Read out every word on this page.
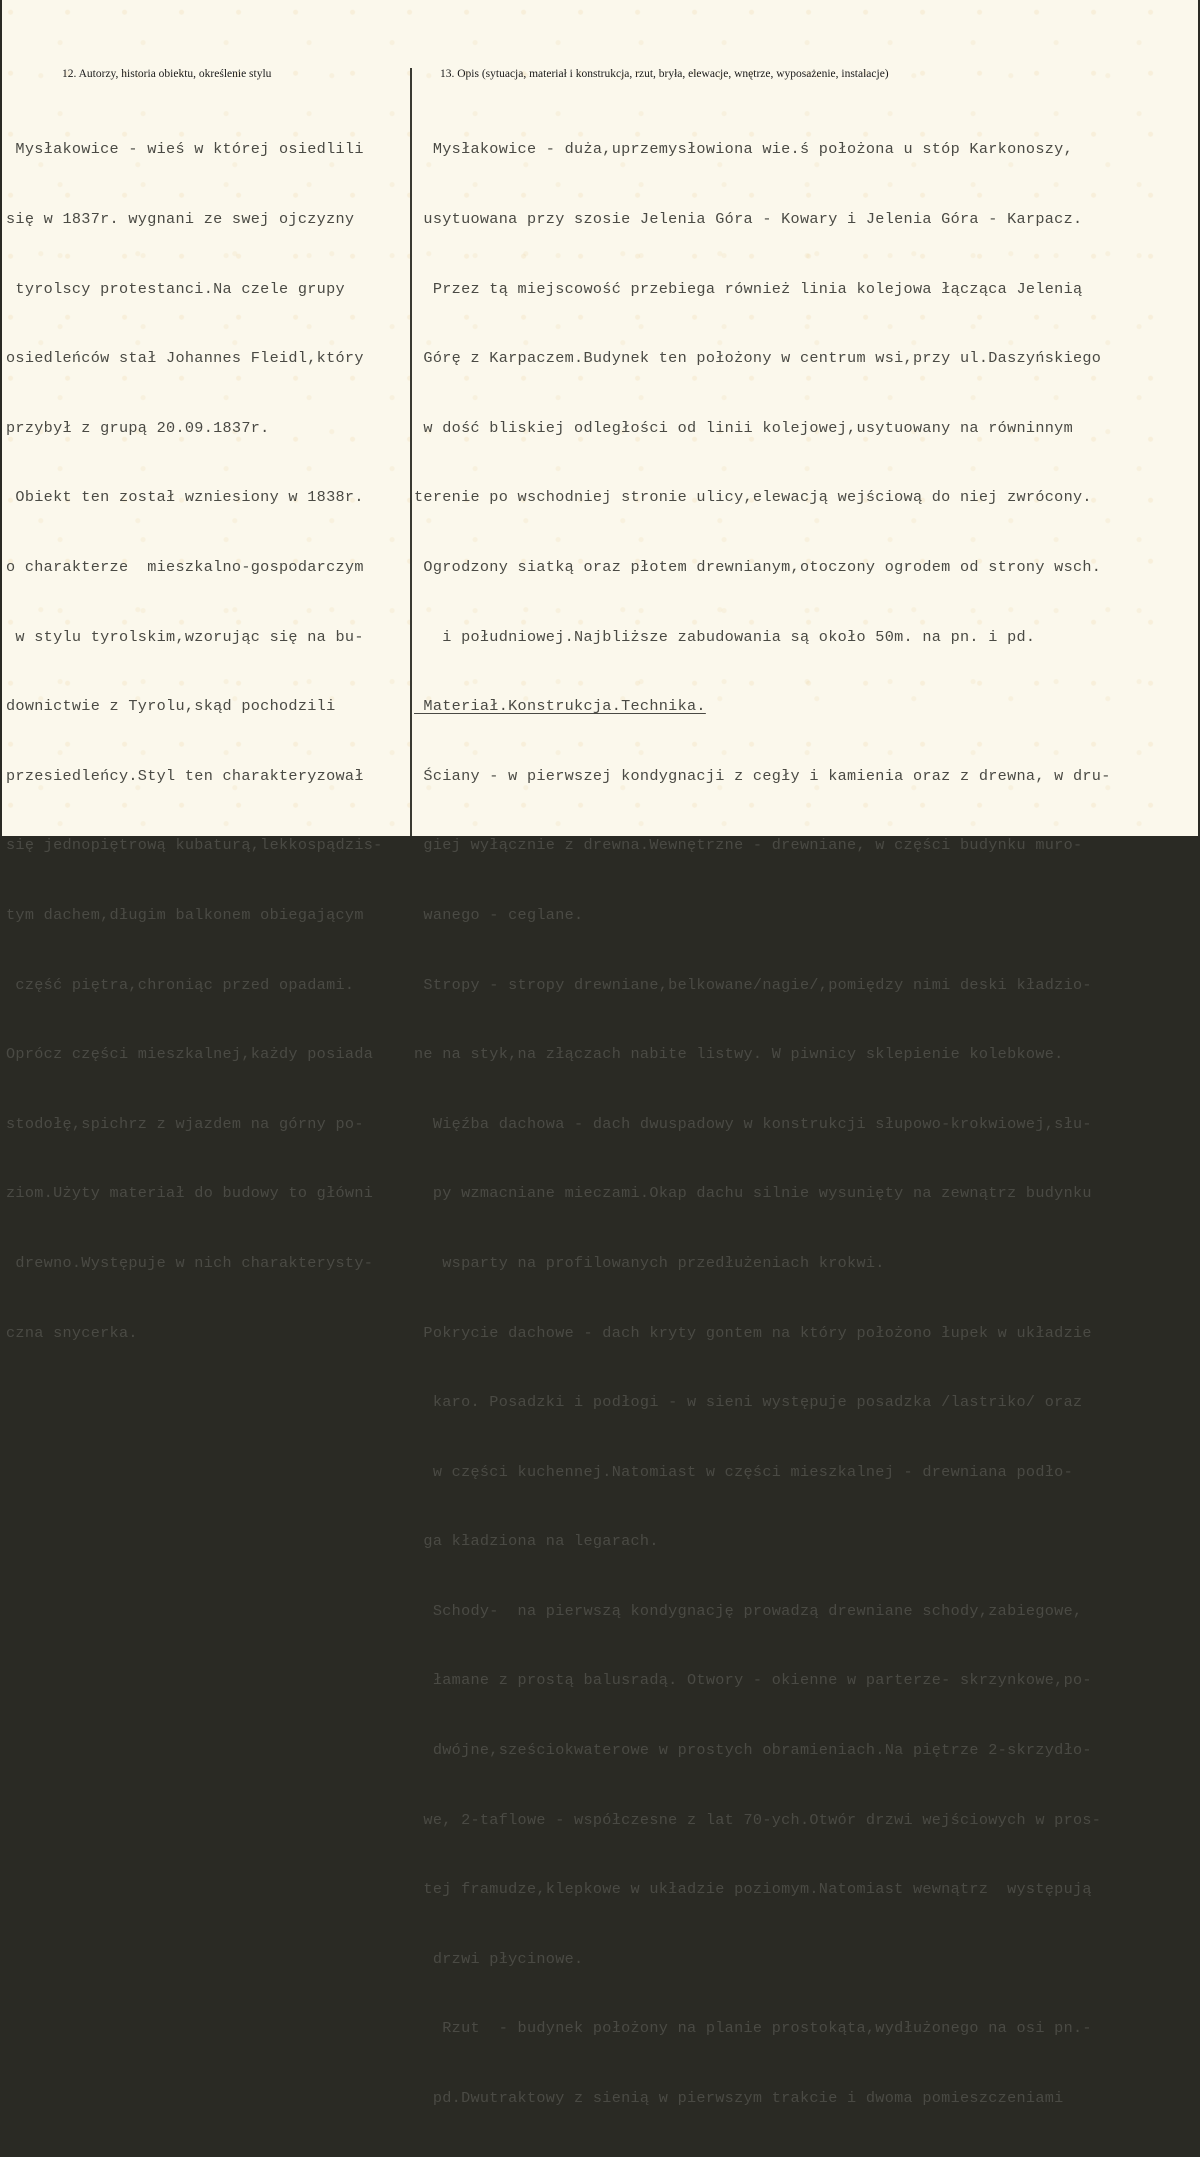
12. Autorzy, historia obiektu, określenie stylu	13. Opis (sytuacja, materiał i konstrukcja, rzut, bryła, elewacje, wnętrze, wyposażenie, instalacje)

Mysłakowice - wieś w której osiedlili

się w 1837r. wygnani ze swej ojczyzny

tyrolscy protestanci.Na czele grupy

osiedleńców stał Johannes Fleidl,który

przybył z grupą 20.09.1837r.

Obiekt ten został wzniesiony w 1838r.

o charakterze  mieszkalno-gospodarczym

w stylu tyrolskim,wzorując się na bu-

downictwie z Tyrolu,skąd pochodzili

przesiedleńcy.Styl ten charakteryzował

się jednopiętrową kubaturą,lekkospądzis-

tym dachem,długim balkonem obiegającym

część piętra,chroniąc przed opadami.

Oprócz części mieszkalnej,każdy posiada

stodołę,spichrz z wjazdem na górny po-

ziom.Użyty materiał do budowy to główni

drewno.Występuje w nich charakterysty-

czna snycerka.

Mysłakowice - duża,uprzemysłowiona wie.ś położona u stóp Karkonoszy,

usytuowana przy szosie Jelenia Góra - Kowary i Jelenia Góra - Karpacz.

Przez tą miejscowość przebiega również linia kolejowa łącząca Jelenią

Górę z Karpaczem.Budynek ten położony w centrum wsi,przy ul.Daszyńskiego

w dość bliskiej odległości od linii kolejowej,usytuowany na równinnym

terenie po wschodniej stronie ulicy,elewacją wejściową do niej zwrócony.

Ogrodzony siatką oraz płotem drewnianym,otoczony ogrodem od strony wsch.

i południowej.Najbliższe zabudowania są około 50m. na pn. i pd.

Materiał.Konstrukcja.Technika.

Ściany - w pierwszej kondygnacji z cegły i kamienia oraz z drewna, w dru-

giej wyłącznie z drewna.Wewnętrzne - drewniane, w części budynku muro-

wanego - ceglane.

Stropy - stropy drewniane,belkowane/nagie/,pomiędzy nimi deski kładzio-

ne na styk,na złączach nabite listwy. W piwnicy sklepienie kolebkowe.

Więźba dachowa - dach dwuspadowy w konstrukcji słupowo-krokwiowej,słu-

py wzmacniane mieczami.Okap dachu silnie wysunięty na zewnątrz budynku

wsparty na profilowanych przedłużeniach krokwi.

Pokrycie dachowe - dach kryty gontem na który położono łupek w układzie

karo. Posadzki i podłogi - w sieni występuje posadzka /lastriko/ oraz

w części kuchennej.Natomiast w części mieszkalnej - drewniana podło-

ga kładziona na legarach.

Schody-  na pierwszą kondygnację prowadzą drewniane schody,zabiegowe,

łamane z prostą balusradą. Otwory - okienne w parterze- skrzynkowe,po-

dwójne,sześciokwaterowe w prostych obramieniach.Na piętrze 2-skrzydło-

we, 2-taflowe - współczesne z lat 70-ych.Otwór drzwi wejściowych w pros-

tej framudze,klepkowe w układzie poziomym.Natomiast wewnątrz  występują

drzwi płycinowe.

Rzut  - budynek położony na planie prostokąta,wydłużonego na osi pn.-

pd.Dwutraktowy z sienią w pierwszym trakcie i dwoma pomieszczeniami
